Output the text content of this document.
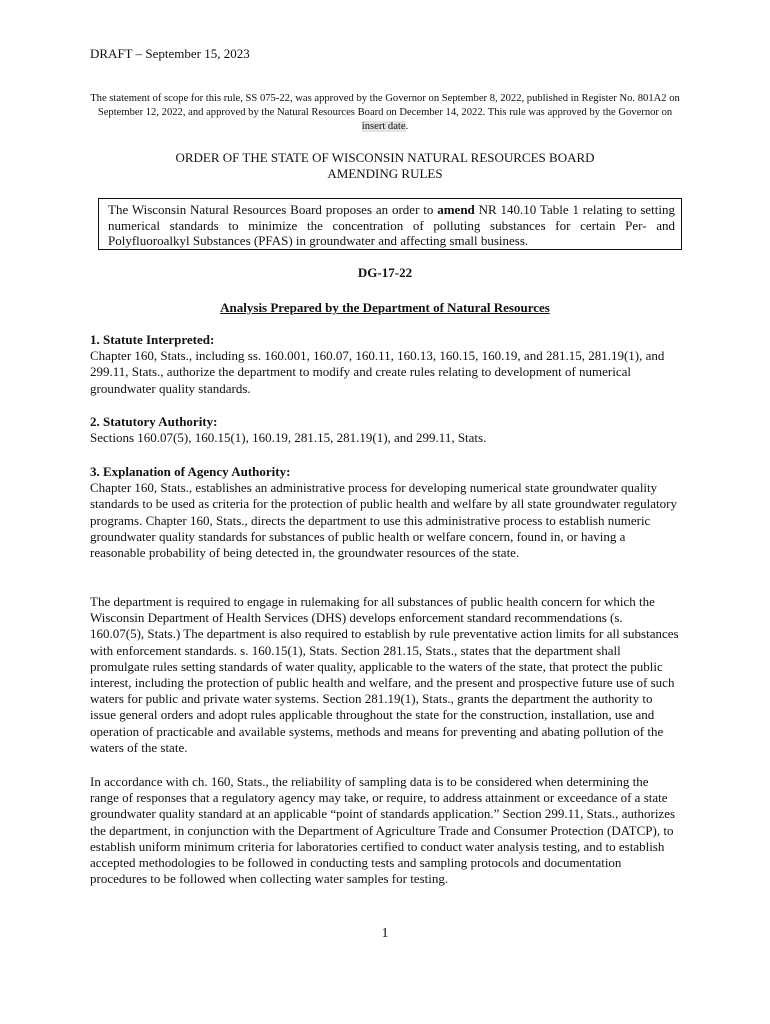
DRAFT – September 15, 2023
The statement of scope for this rule, SS 075-22, was approved by the Governor on September 8, 2022, published in Register No. 801A2 on September 12, 2022, and approved by the Natural Resources Board on December 14, 2022. This rule was approved by the Governor on insert date.
ORDER OF THE STATE OF WISCONSIN NATURAL RESOURCES BOARD
AMENDING RULES
The Wisconsin Natural Resources Board proposes an order to amend NR 140.10 Table 1 relating to setting numerical standards to minimize the concentration of polluting substances for certain Per- and Polyfluoroalkyl Substances (PFAS) in groundwater and affecting small business.
DG-17-22
Analysis Prepared by the Department of Natural Resources
1. Statute Interpreted:

Chapter 160, Stats., including ss. 160.001, 160.07, 160.11, 160.13, 160.15, 160.19, and 281.15, 281.19(1), and 299.11, Stats., authorize the department to modify and create rules relating to development of numerical groundwater quality standards.

2. Statutory Authority:

Sections 160.07(5), 160.15(1), 160.19, 281.15, 281.19(1), and 299.11, Stats.

3. Explanation of Agency Authority:

Chapter 160, Stats., establishes an administrative process for developing numerical state groundwater quality standards to be used as criteria for the protection of public health and welfare by all state groundwater regulatory programs. Chapter 160, Stats., directs the department to use this administrative process to establish numeric groundwater quality standards for substances of public health or welfare concern, found in, or having a reasonable probability of being detected in, the groundwater resources of the state.

The department is required to engage in rulemaking for all substances of public health concern for which the Wisconsin Department of Health Services (DHS) develops enforcement standard recommendations (s. 160.07(5), Stats.) The department is also required to establish by rule preventative action limits for all substances with enforcement standards. s. 160.15(1), Stats. Section 281.15, Stats., states that the department shall promulgate rules setting standards of water quality, applicable to the waters of the state, that protect the public interest, including the protection of public health and welfare, and the present and prospective future use of such waters for public and private water systems. Section 281.19(1), Stats., grants the department the authority to issue general orders and adopt rules applicable throughout the state for the construction, installation, use and operation of practicable and available systems, methods and means for preventing and abating pollution of the waters of the state.

In accordance with ch. 160, Stats., the reliability of sampling data is to be considered when determining the range of responses that a regulatory agency may take, or require, to address attainment or exceedance of a state groundwater quality standard at an applicable “point of standards application.” Section 299.11, Stats., authorizes the department, in conjunction with the Department of Agriculture Trade and Consumer Protection (DATCP), to establish uniform minimum criteria for laboratories certified to conduct water analysis testing, and to establish accepted methodologies to be followed in conducting tests and sampling protocols and documentation procedures to be followed when collecting water samples for testing.

1
